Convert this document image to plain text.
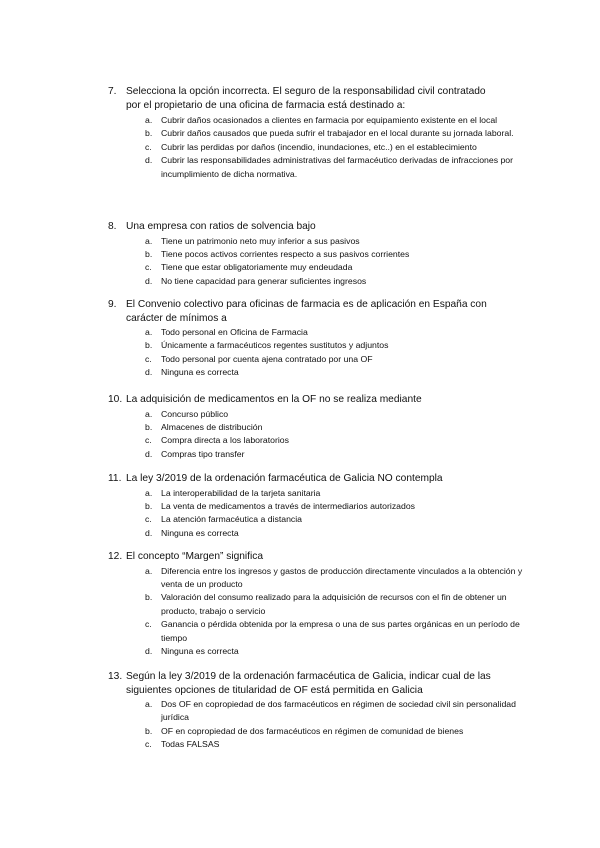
7. Selecciona la opción incorrecta. El seguro de la responsabilidad civil contratado

por el propietario de una oficina de farmacia está destinado a:

a. Cubrir daños ocasionados a clientes en farmacia por equipamiento existente en el local
b. Cubrir daños causados que pueda sufrir el trabajador en el local durante su jornada laboral.
c. Cubrir las perdidas por daños (incendio, inundaciones, etc..) en el establecimiento
d. Cubrir las responsabilidades administrativas del farmacéutico derivadas de infracciones por incumplimiento de dicha normativa.

8. Una empresa con ratios de solvencia bajo

a. Tiene un patrimonio neto muy inferior a sus pasivos
b. Tiene pocos activos corrientes respecto a sus pasivos corrientes
c. Tiene que estar obligatoriamente muy endeudada
d. No tiene capacidad para generar suficientes ingresos

9. El Convenio colectivo para oficinas de farmacia es de aplicación en España con

carácter de mínimos a

a. Todo personal en Oficina de Farmacia
b. Únicamente a farmacéuticos regentes sustitutos y adjuntos
c. Todo personal por cuenta ajena contratado por una OF
d. Ninguna es correcta

10. La adquisición de medicamentos en la OF no se realiza mediante

a. Concurso público
b. Almacenes de distribución
c. Compra directa a los laboratorios
d. Compras tipo transfer

11. La ley 3/2019 de la ordenación farmacéutica de Galicia NO contempla

a. La interoperabilidad de la tarjeta sanitaria
b. La venta de medicamentos a través de intermediarios autorizados
c. La atención farmacéutica a distancia
d. Ninguna es correcta

12. El concepto “Margen” significa

a. Diferencia entre los ingresos y gastos de producción directamente vinculados a la obtención y venta de un producto
b. Valoración del consumo realizado para la adquisición de recursos con el fin de obtener un producto, trabajo o servicio
c. Ganancia o pérdida obtenida por la empresa o una de sus partes orgánicas en un período de tiempo
d. Ninguna es correcta

13. Según la ley 3/2019 de la ordenación farmacéutica de Galicia, indicar cual de las

siguientes opciones de titularidad de OF está permitida en Galicia

a. Dos OF en copropiedad de dos farmacéuticos en régimen de sociedad civil sin personalidad jurídica
b. OF en copropiedad de dos farmacéuticos en régimen de comunidad de bienes
c. Todas FALSAS
